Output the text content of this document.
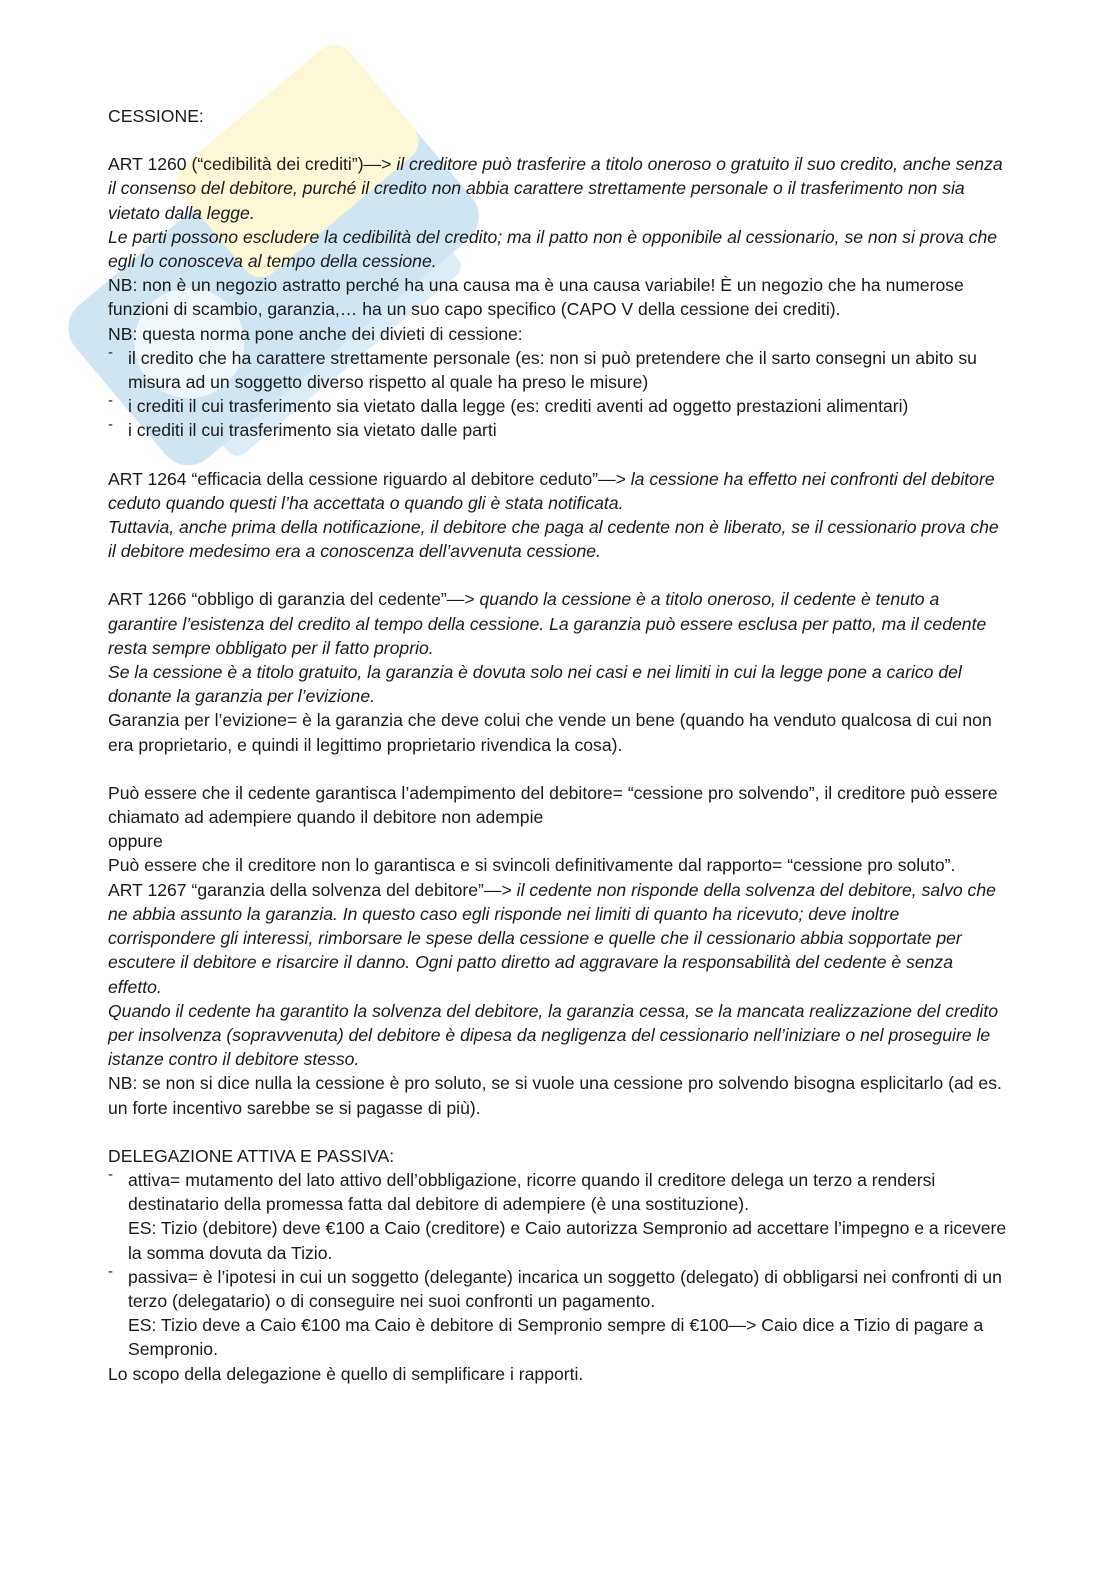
CESSIONE:

ART 1260 (“cedibilità dei crediti”)—> il creditore può trasferire a titolo oneroso o gratuito il suo credito, anche senza il consenso del debitore, purché il credito non abbia carattere strettamente personale o il trasferimento non sia vietato dalla legge.

Le parti possono escludere la cedibilità del credito; ma il patto non è opponibile al cessionario, se non si prova che egli lo conosceva al tempo della cessione.

NB: non è un negozio astratto perché ha una causa ma è una causa variabile! È un negozio che ha numerose funzioni di scambio, garanzia,… ha un suo capo specifico (CAPO V della cessione dei crediti).

NB: questa norma pone anche dei divieti di cessione:

- il credito che ha carattere strettamente personale (es: non si può pretendere che il sarto consegni un abito su misura ad un soggetto diverso rispetto al quale ha preso le misure)
- i crediti il cui trasferimento sia vietato dalla legge (es: crediti aventi ad oggetto prestazioni alimentari)
- i crediti il cui trasferimento sia vietato dalle parti

ART 1264 “efficacia della cessione riguardo al debitore ceduto”—> la cessione ha effetto nei confronti del debitore ceduto quando questi l’ha accettata o quando gli è stata notificata.

Tuttavia, anche prima della notificazione, il debitore che paga al cedente non è liberato, se il cessionario prova che il debitore medesimo era a conoscenza dell’avvenuta cessione.

ART 1266 “obbligo di garanzia del cedente”—> quando la cessione è a titolo oneroso, il cedente è tenuto a garantire l’esistenza del credito al tempo della cessione. La garanzia può essere esclusa per patto, ma il cedente resta sempre obbligato per il fatto proprio.

Se la cessione è a titolo gratuito, la garanzia è dovuta solo nei casi e nei limiti in cui la legge pone a carico del donante la garanzia per l’evizione.

Garanzia per l’evizione= è la garanzia che deve colui che vende un bene (quando ha venduto qualcosa di cui non era proprietario, e quindi il legittimo proprietario rivendica la cosa).

Può essere che il cedente garantisca l’adempimento del debitore= “cessione pro solvendo”, il creditore può essere chiamato ad adempiere quando il debitore non adempie

oppure

Può essere che il creditore non lo garantisca e si svincoli definitivamente dal rapporto= “cessione pro soluto”.

ART 1267 “garanzia della solvenza del debitore”—> il cedente non risponde della solvenza del debitore, salvo che ne abbia assunto la garanzia. In questo caso egli risponde nei limiti di quanto ha ricevuto; deve inoltre corrispondere gli interessi, rimborsare le spese della cessione e quelle che il cessionario abbia sopportate per escutere il debitore e risarcire il danno. Ogni patto diretto ad aggravare la responsabilità del cedente è senza effetto.

Quando il cedente ha garantito la solvenza del debitore, la garanzia cessa, se la mancata realizzazione del credito per insolvenza (sopravvenuta) del debitore è dipesa da negligenza del cessionario nell’iniziare o nel proseguire le istanze contro il debitore stesso.

NB: se non si dice nulla la cessione è pro soluto, se si vuole una cessione pro solvendo bisogna esplicitarlo (ad es. un forte incentivo sarebbe se si pagasse di più).

DELEGAZIONE ATTIVA E PASSIVA:

- attiva= mutamento del lato attivo dell’obbligazione, ricorre quando il creditore delega un terzo a rendersi destinatario della promessa fatta dal debitore di adempiere (è una sostituzione).
ES: Tizio (debitore) deve €100 a Caio (creditore) e Caio autorizza Sempronio ad accettare l’impegno e a ricevere la somma dovuta da Tizio.
- passiva= è l’ipotesi in cui un soggetto (delegante) incarica un soggetto (delegato) di obbligarsi nei confronti di un terzo (delegatario) o di conseguire nei suoi confronti un pagamento.
ES: Tizio deve a Caio €100 ma Caio è debitore di Sempronio sempre di €100—> Caio dice a Tizio di pagare a Sempronio.

Lo scopo della delegazione è quello di semplificare i rapporti.
